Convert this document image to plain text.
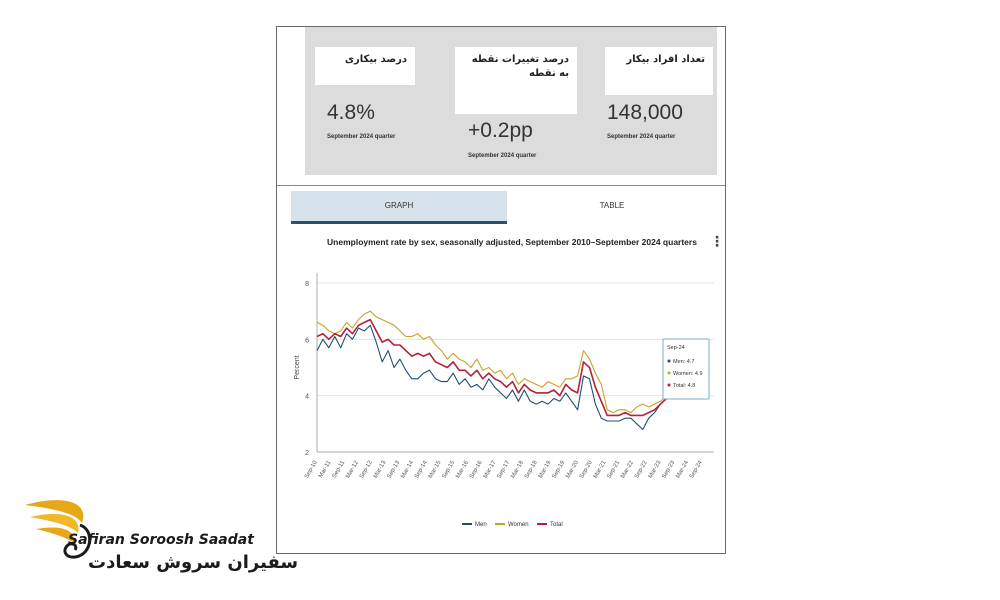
درصد بیکاری	درصد تغییرات نقطه به نقطه
تعداد افراد بیکار
4.8%
September 2024 quarter	+0.2pp
September 2024 quarter
148,000
September 2024 quarter
GRAPH	TABLE
Unemployment rate by sex, seasonally adjusted, September 2010–September 2024 quarters ⋮
2
4
6
8
Percent
Sep-10 Mar-11 Sep-11 Mar-12
Sep-12 Mar-13
Sep-13 Mar-14
Sep-14 Mar-15
Sep-15 Mar-16
Sep-16 Mar-17
Sep-17 Mar-18
Sep-18 Mar-19
Sep-19 Mar-20
Sep-20 Mar-21
Sep-21 Mar-22
Sep-22 Mar-23
Sep-23 Mar-24
Sep-24
Sep-24
Men: 4.7
Women: 4.9
Total: 4.8
Men	Women	Total
Safiran Soroosh Saadat
سفیران سروش سعادت
